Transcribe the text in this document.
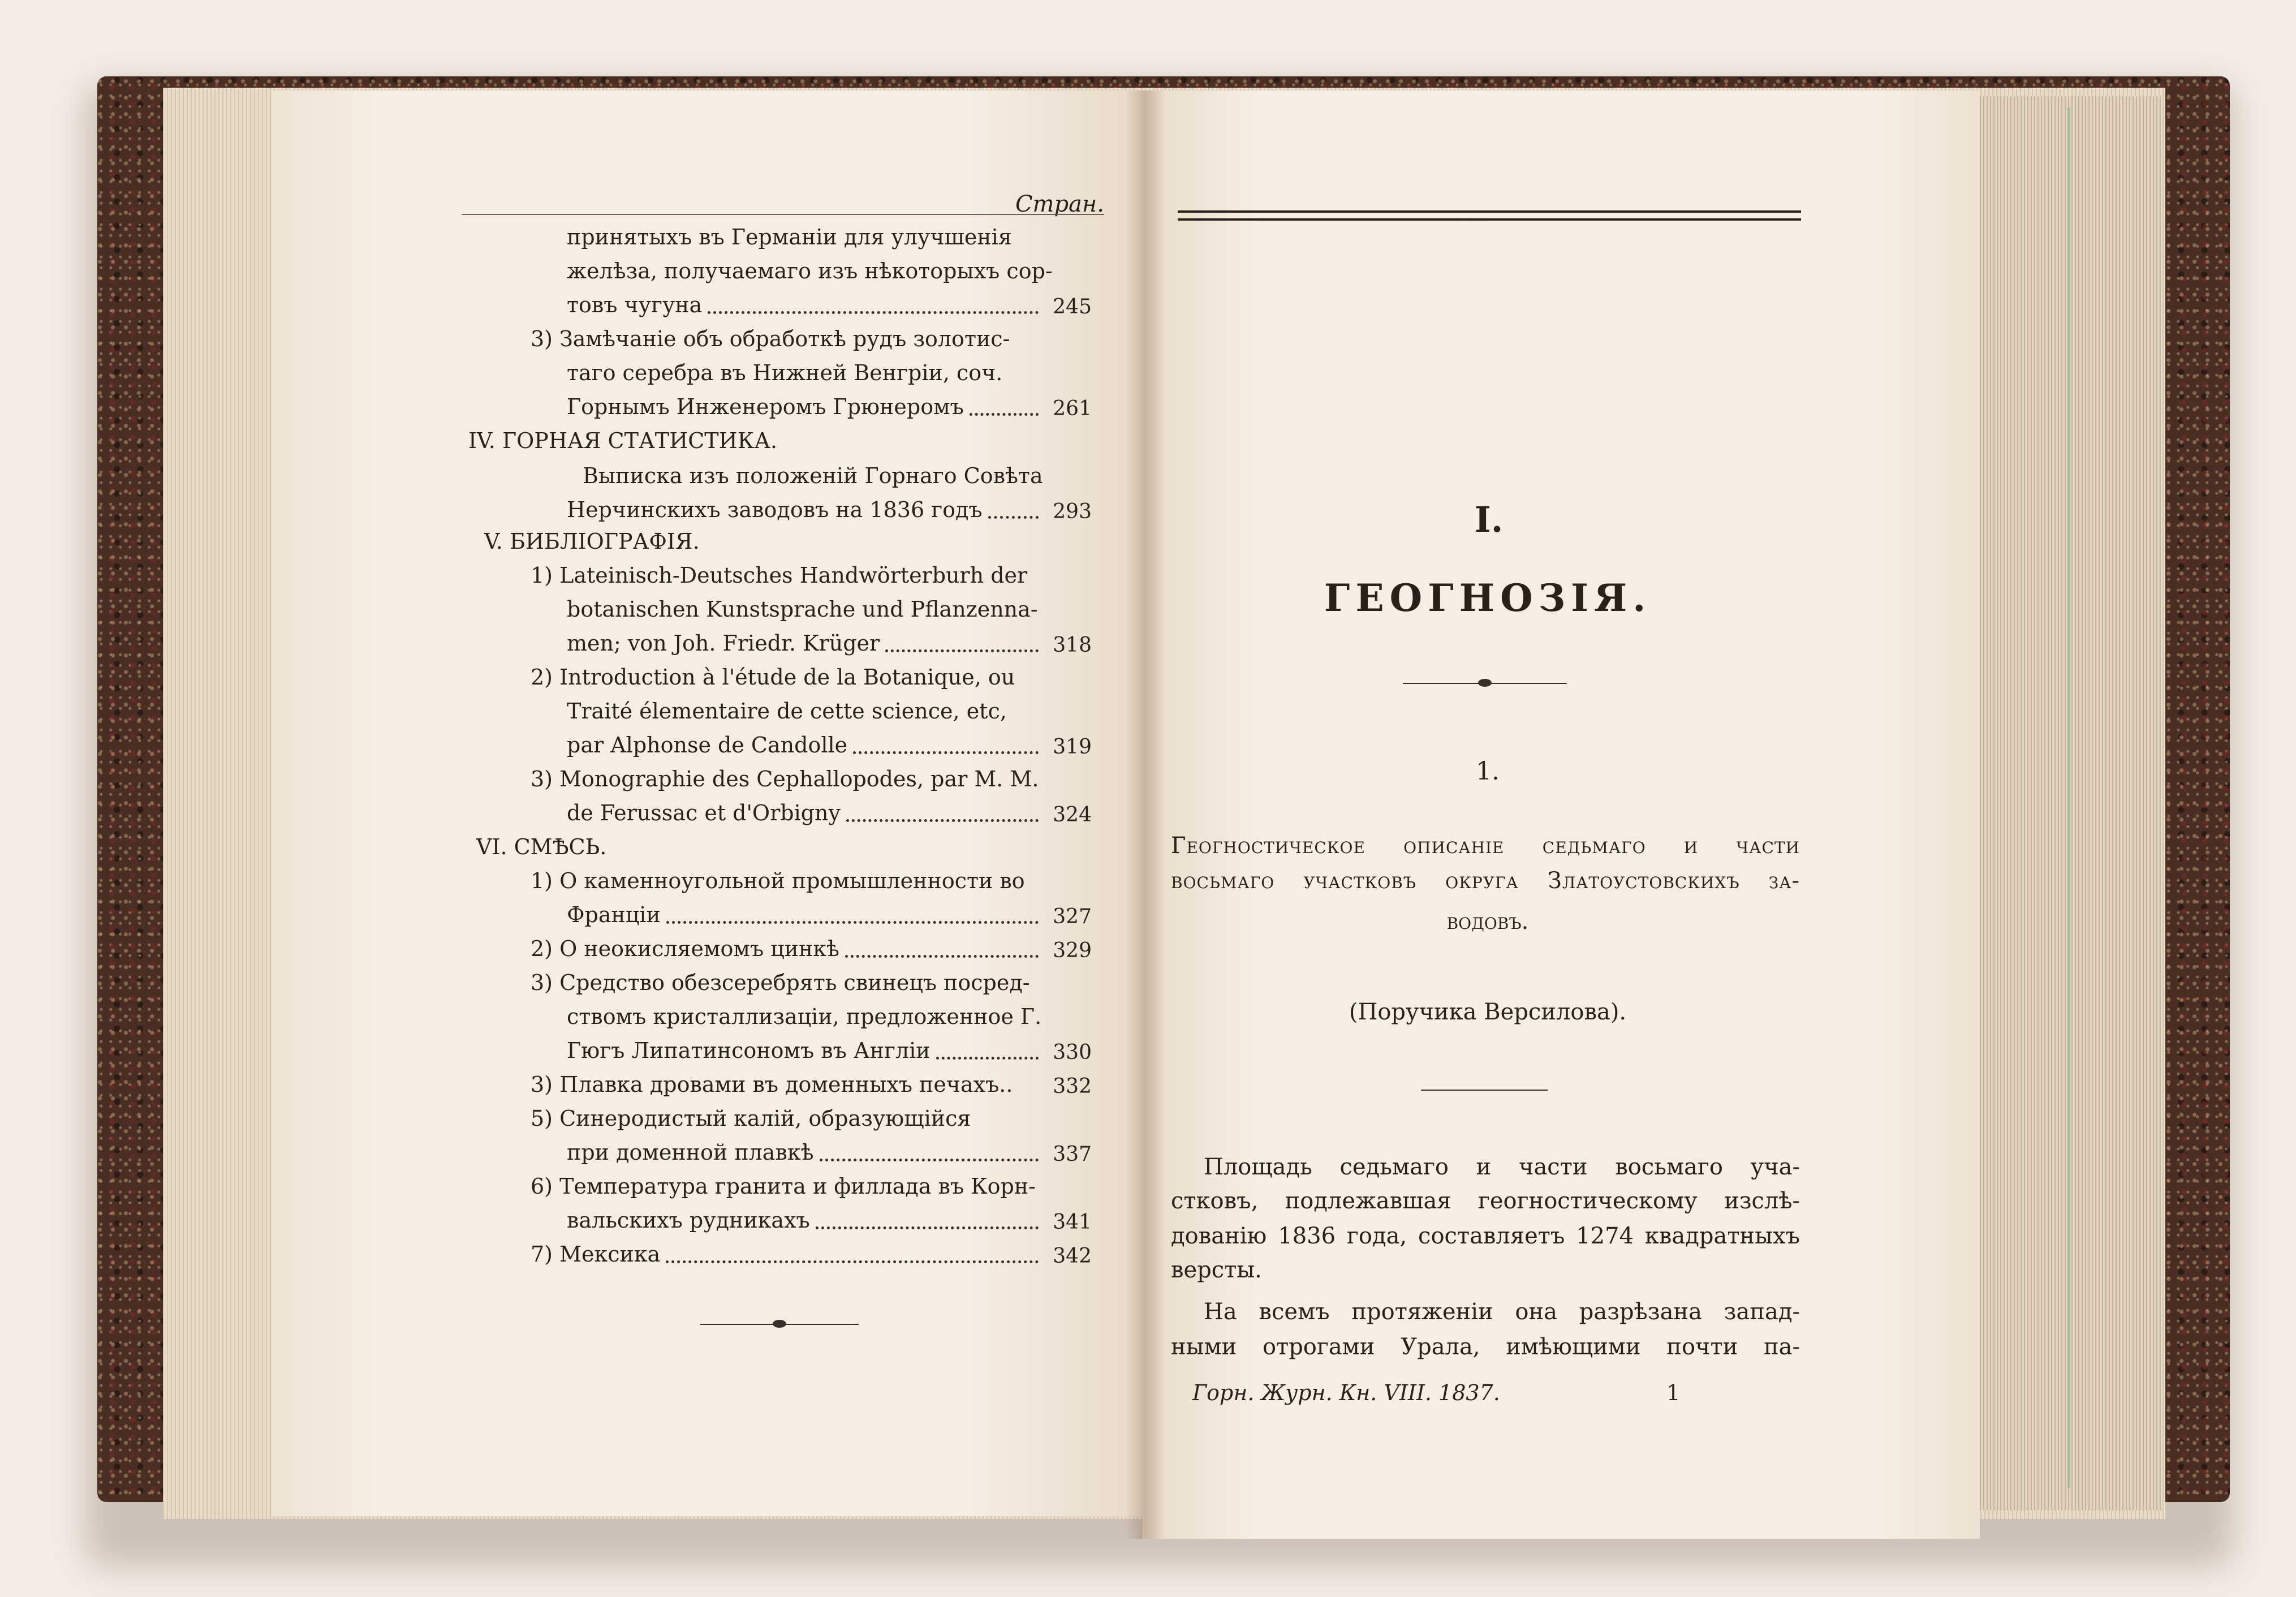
Стран.
принятыхъ въ Германіи для улучшенія
желѣза, получаемаго изъ нѣкоторыхъ сор-
товъ чугуна	245
3) Замѣчаніе объ обработкѣ рудъ золотис-
таго серебра въ Нижней Венгріи, соч.
Горнымъ Инженеромъ Грюнеромъ	261
IV. ГОРНАЯ СТАТИСТИКА.
Выписка изъ положеній Горнаго Совѣта
Нерчинскихъ заводовъ на 1836 годъ	293
V. БИБЛІОГРАФІЯ.
1) Lateinisch-Deutsches Handwörterburh der
botanischen Kunstsprache und Pflanzenna-
men; von Joh. Friedr. Krüger	318
2) Introduction à l'étude de la Botanique, ou
Traité élementaire de cette science, etc,
par Alphonse de Candolle	319
3) Monographie des Cephallopodes, par M. M.
de Ferussac et d'Orbigny	324
VI. СМѢСЬ.
1) О каменноугольной промышленности во
Франціи	327
2) О неокисляемомъ цинкѣ	329
3) Средство обезсеребрять свинецъ посред-
ствомъ кристаллизаціи, предложенное Г.
Гюгъ Липатинсономъ въ Англіи	330
3) Плавка дровами въ доменныхъ печахъ..	332
5) Синеродистый калій, образующійся
при доменной плавкѣ	337
6) Температура гранита и филлада въ Корн-
вальскихъ рудникахъ	341
7) Мексика	342
I.
ГЕОГНОЗІЯ.
1.
Геогностическое описаніе седьмаго и части
восьмаго участковъ округа Златоустовскихъ за-
водовъ.
(Поручика Версилова).
Площадь седьмаго и части восьмаго уча-
стковъ, подлежавшая геогностическому изслѣ-
дованію 1836 года, составляетъ 1274 квадратныхъ
версты.
На всемъ протяженіи она разрѣзана запад-
ными отрогами Урала, имѣющими почти па-
Горн. Журн. Кн. VIII. 1837.	1
